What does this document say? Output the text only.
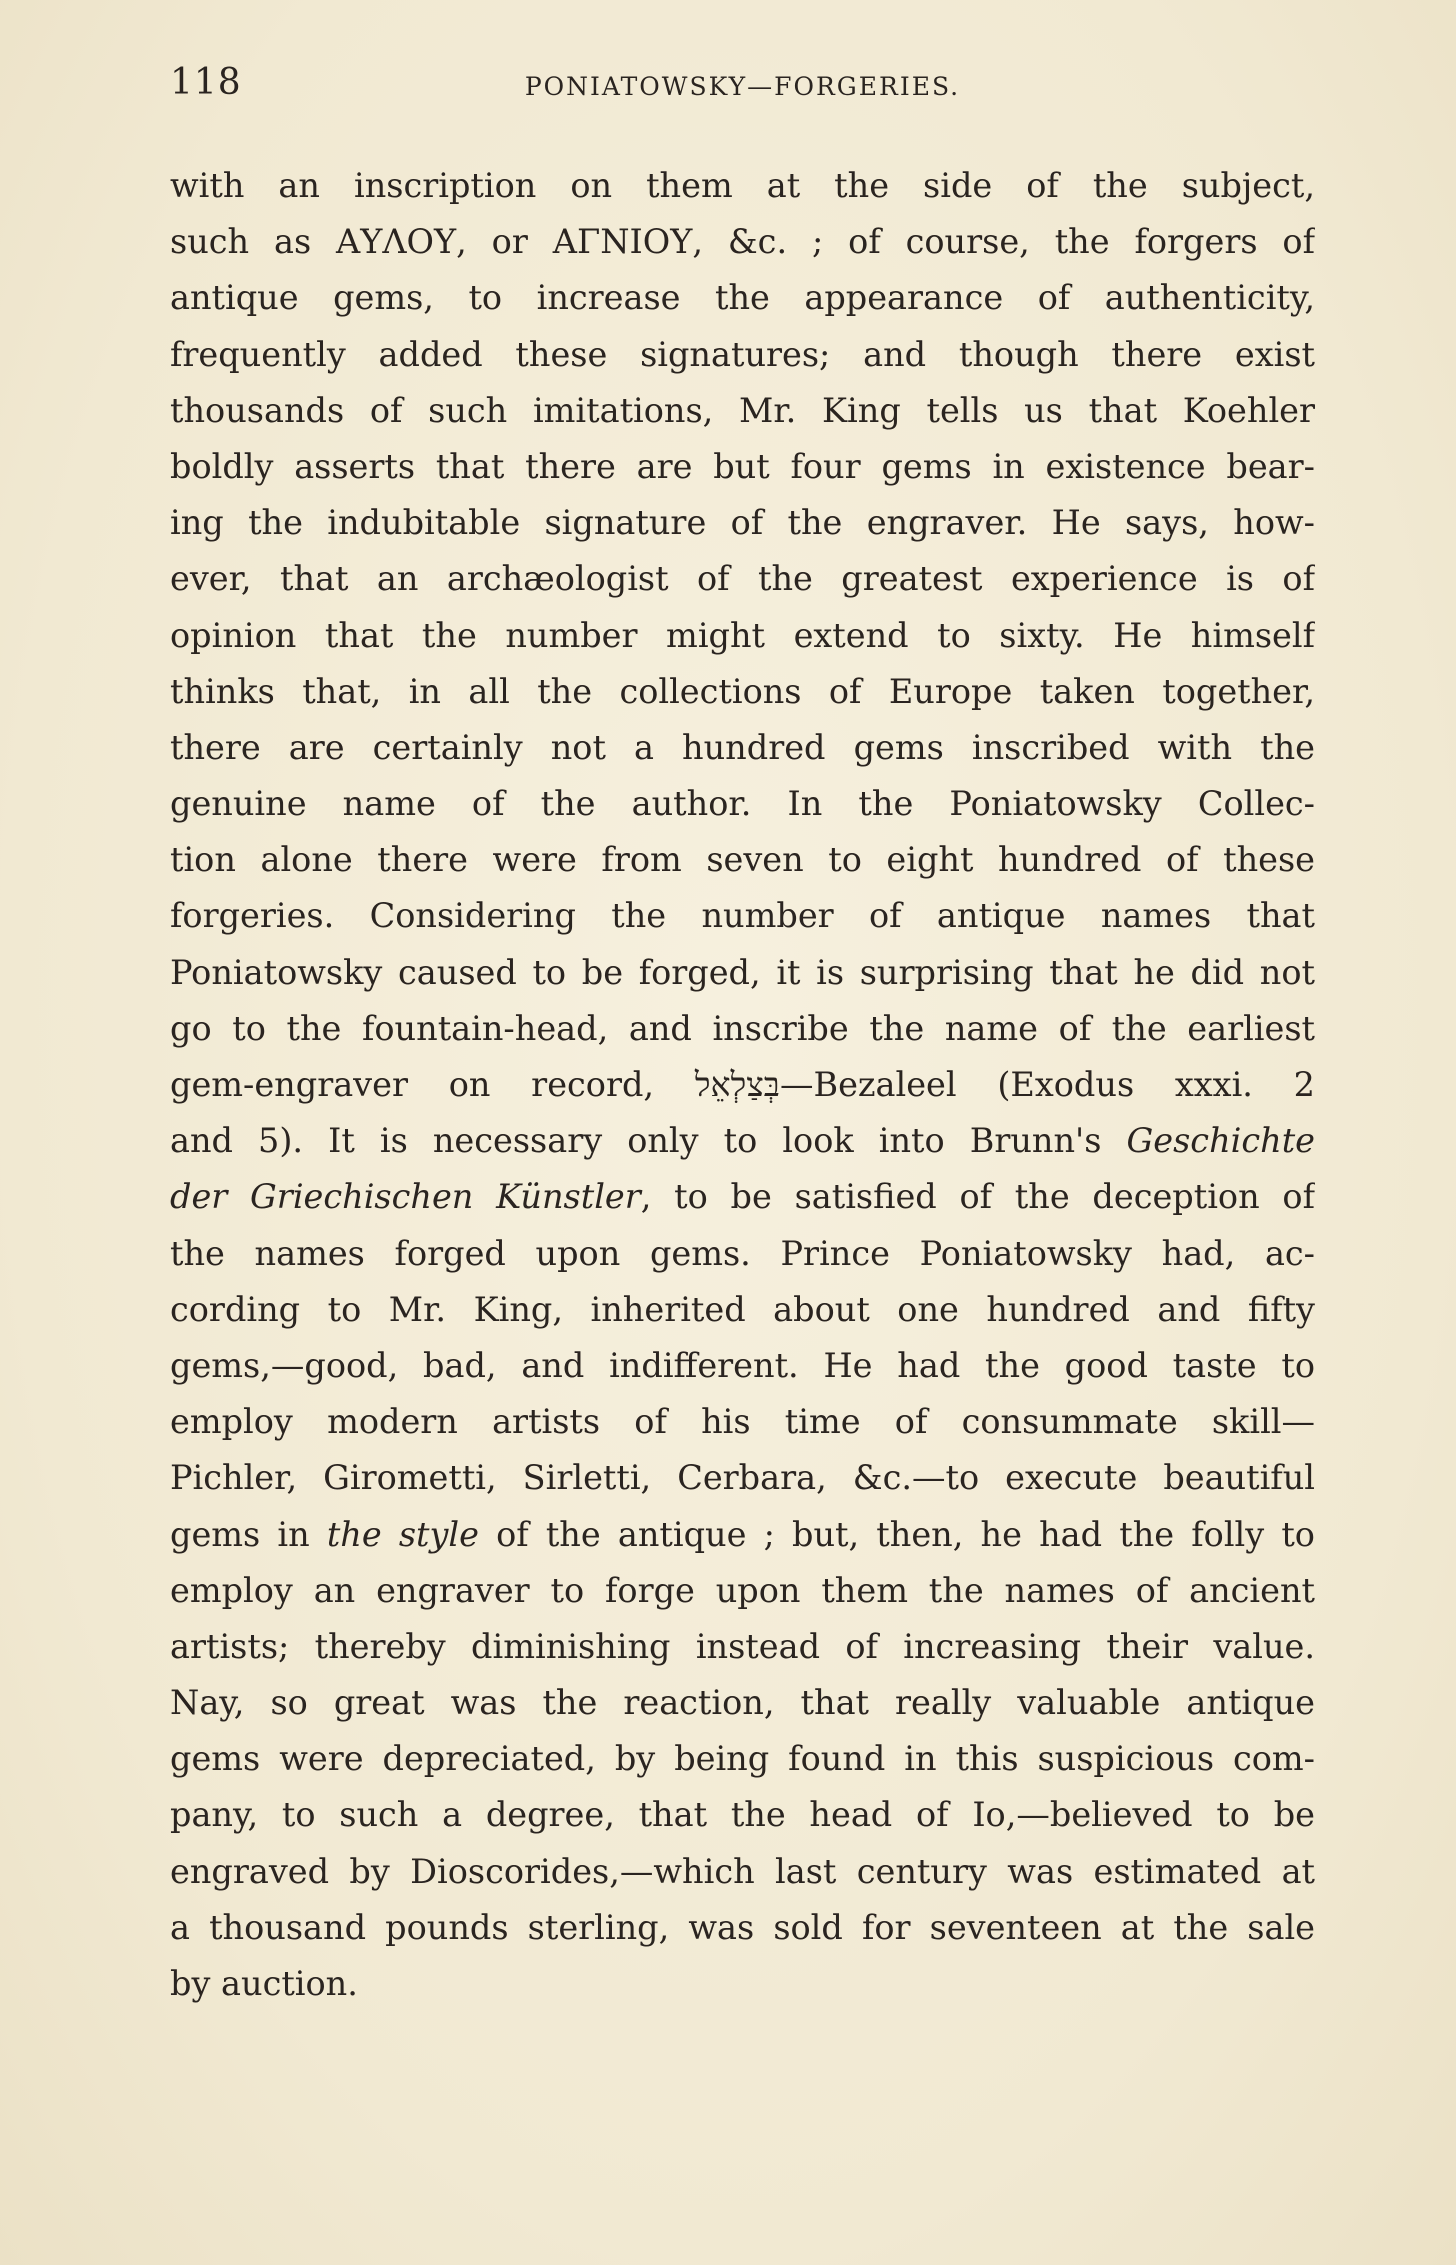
118	PONIATOWSKY—FORGERIES.
with an inscription on them at the side of the subject,
such as ΑΥΛΟΥ, or ΑΓΝΙΟΥ, &c. ; of course, the forgers of
antique gems, to increase the appearance of authenticity,
frequently added these signatures; and though there exist
thousands of such imitations, Mr. King tells us that Koehler
boldly asserts that there are but four gems in existence bear-
ing the indubitable signature of the engraver. He says, how-
ever, that an archæologist of the greatest experience is of
opinion that the number might extend to sixty. He himself
thinks that, in all the collections of Europe taken together,
there are certainly not a hundred gems inscribed with the
genuine name of the author. In the Poniatowsky Collec-
tion alone there were from seven to eight hundred of these
forgeries. Considering the number of antique names that
Poniatowsky caused to be forged, it is surprising that he did not
go to the fountain-head, and inscribe the name of the earliest
gem-engraver on record, בְּצַלְאֵל—Bezaleel (Exodus xxxi. 2
and 5). It is necessary only to look into Brunn's Geschichte
der Griechischen Künstler, to be satisfied of the deception of
the names forged upon gems. Prince Poniatowsky had, ac-
cording to Mr. King, inherited about one hundred and fifty
gems,—good, bad, and indifferent. He had the good taste to
employ modern artists of his time of consummate skill—
Pichler, Girometti, Sirletti, Cerbara, &c.—to execute beautiful
gems in the style of the antique ; but, then, he had the folly to
employ an engraver to forge upon them the names of ancient
artists; thereby diminishing instead of increasing their value.
Nay, so great was the reaction, that really valuable antique
gems were depreciated, by being found in this suspicious com-
pany, to such a degree, that the head of Io,—believed to be
engraved by Dioscorides,—which last century was estimated at
a thousand pounds sterling, was sold for seventeen at the sale
by auction.
